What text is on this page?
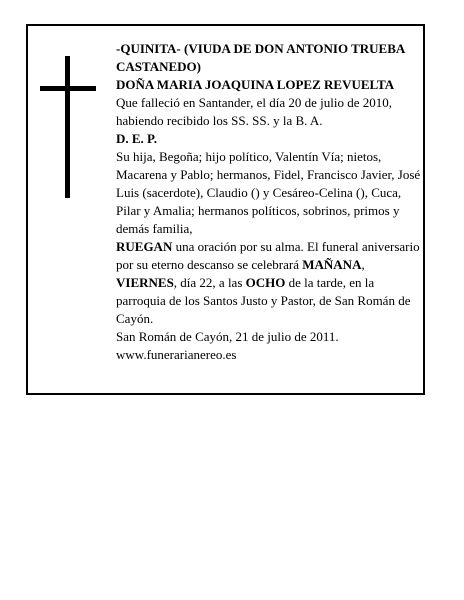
-QUINITA- (VIUDA DE DON ANTONIO TRUEBA CASTANEDO)

DOÑA MARIA JOAQUINA LOPEZ REVUELTA

Que falleció en Santander, el día 20 de julio de 2010, habiendo recibido los SS. SS. y la B. A.

D. E. P.

Su hija, Begoña; hijo político, Valentín Vía; nietos, Macarena y Pablo; hermanos, Fidel, Francisco Javier, José Luis (sacerdote), Claudio () y Cesáreo-Celina (), Cuca, Pilar y Amalia; hermanos políticos, sobrinos, primos y demás familia,

RUEGAN una oración por su alma. El funeral aniversario por su eterno descanso se celebrará MAÑANA, VIERNES, día 22, a las OCHO de la tarde, en la parroquia de los Santos Justo y Pastor, de San Román de Cayón.

San Román de Cayón, 21 de julio de 2011.

www.funerarianereo.es
